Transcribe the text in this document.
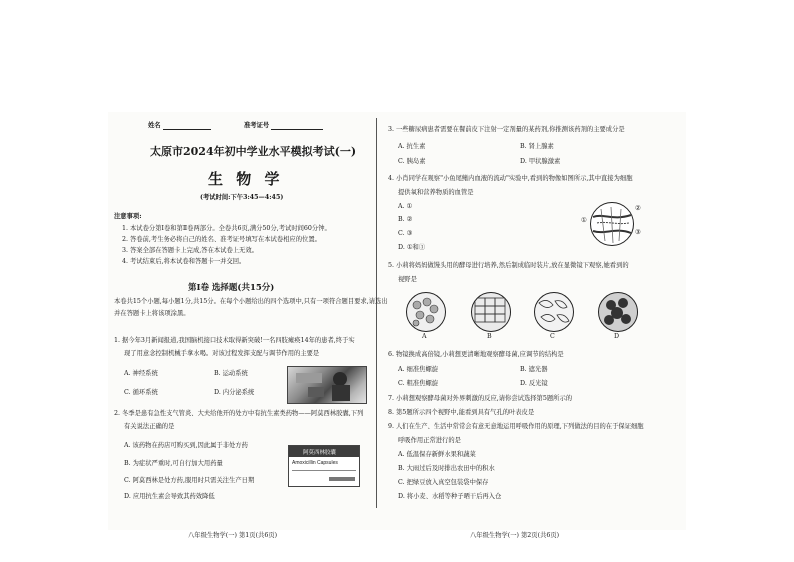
姓名	准考证号
太原市2024年初中学业水平模拟考试(一)
生 物 学
(考试时间:下午3:45—4:45)
注意事项:
1. 本试卷分第Ⅰ卷和第Ⅱ卷两部分。全卷共6页,满分50分,考试时间60分钟。
2. 答卷前,考生务必将自己的姓名、准考证号填写在本试卷相应的位置。
3. 答案全部在答题卡上完成,答在本试卷上无效。
4. 考试结束后,将本试卷和答题卡一并交回。
第Ⅰ卷 选择题(共15分)
本卷共15个小题,每小题1分,共15分。在每个小题给出的四个选项中,只有一项符合题目要求,请选出
并在答题卡上将该项涂黑。
1. 据今年3月新闻报道,我国脑机接口技术取得新突破!一名四肢瘫痪14年的患者,终于实
现了用意念控制机械手拿水喝。对该过程发挥支配与调节作用的主要是
A. 神经系统	B. 运动系统
C. 循环系统	D. 内分泌系统
2. 冬季是患有急性支气管炎、大夫给他开的处方中有抗生素类药物——阿莫西林胶囊,下列
有关说法正确的是
A. 该药物在药店可购买到,因此属于非处方药
B. 为症状严重时,可自行加大用药量
C. 阿莫西林是处方药,服用时只需关注生产日期
D. 应用抗生素会导致其药效降低
阿莫西林胶囊
Amoxicillin Capsules
八年级生物学(一) 第1页(共6页)
3. 一些糖尿病患者需要在餐前皮下注射一定剂量的某药剂,你推测该药剂的主要成分是
A. 抗生素	B. 肾上腺素
C. 胰岛素	D. 甲状腺激素
4. 小肖同学在观察"小鱼尾鳍内血液的流动"实验中,看到的物像如图所示,其中直接为细胞
提供氧和营养物质的血管是
A. ①
B. ②
C. ③
D. ①和③
①
②
③
5. 小莉将妈妈做馒头用的酵母进行培养,然后制成临时装片,放在显微镜下观察,她看到的
视野是
A	B	C	D
6. 物镜换成高倍镜,小莉想更清晰地观察酵母菌,应调节的结构是
A. 细准焦螺旋	B. 遮光器
C. 粗准焦螺旋	D. 反光镜
7. 小莉想观察酵母菌对外界刺激的反应,请你尝试选择第5题所示的
8. 第5题所示四个视野中,能看到具有气孔的叶表皮是
9. 人们在生产、生活中常常会有意无意地运用呼吸作用的原理,下列做法的目的在于保证细胞
呼吸作用正常进行的是
A. 低温保存新鲜水果和蔬菜
B. 大雨过后及时排出农田中的积水
C. 把绿豆放入真空包装袋中保存
D. 将小麦、水稻等种子晒干后再入仓
八年级生物学(一) 第2页(共6页)
